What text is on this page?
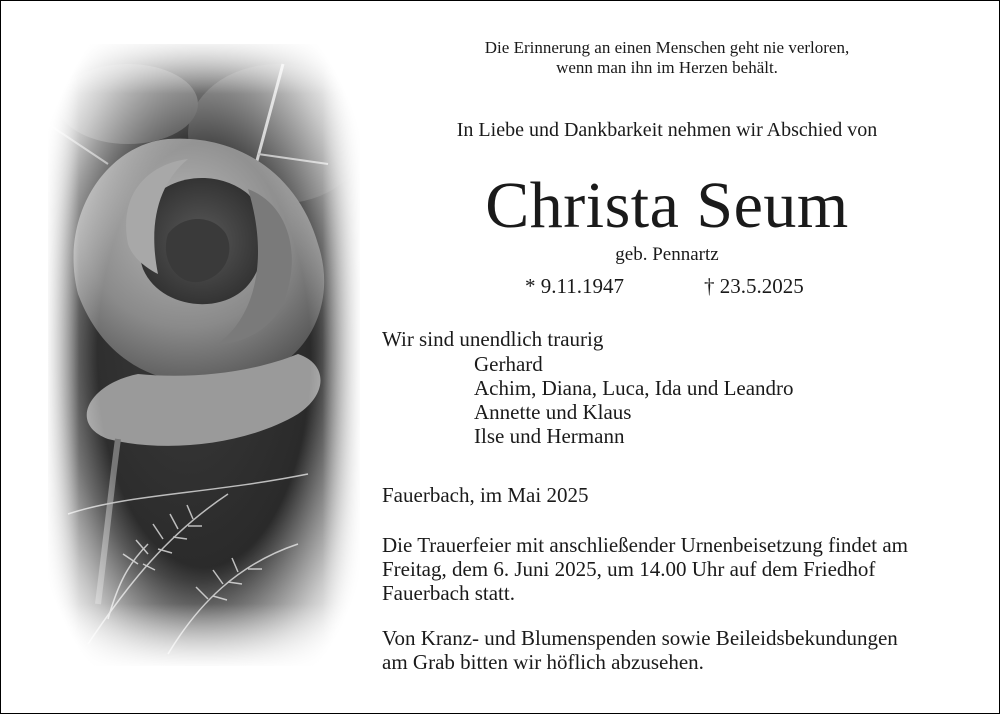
Die Erinnerung an einen Menschen geht nie verloren,
wenn man ihn im Herzen behält.
In Liebe und Dankbarkeit nehmen wir Abschied von
Christa Seum
geb. Pennartz
* 9.11.1947	† 23.5.2025
Wir sind unendlich traurig
Gerhard
Achim, Diana, Luca, Ida und Leandro
Annette und Klaus
Ilse und Hermann
Fauerbach, im Mai 2025
Die Trauerfeier mit anschließender Urnenbeisetzung findet am
Freitag, dem 6. Juni 2025, um 14.00 Uhr auf dem Friedhof
Fauerbach statt.
Von Kranz- und Blumenspenden sowie Beileidsbekundungen
am Grab bitten wir höflich abzusehen.
